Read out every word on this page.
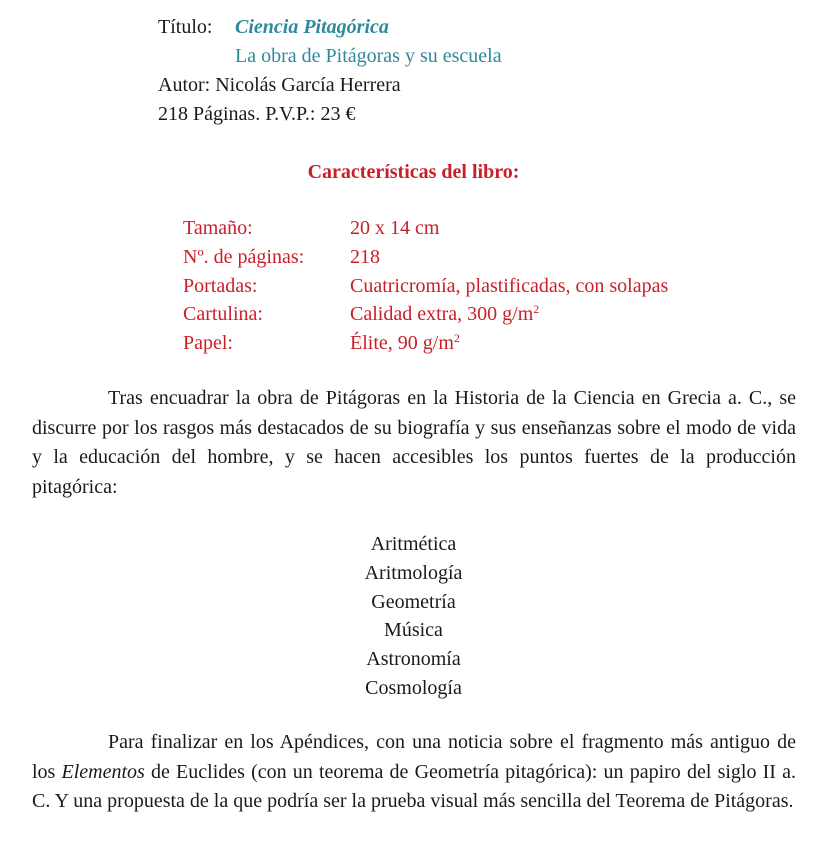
Título: Ciencia Pitagórica
La obra de Pitágoras y su escuela
Autor: Nicolás García Herrera
218 Páginas. P.V.P.: 23 €
Características del libro:
Tamaño:	20 x 14 cm
Nº. de páginas: 218
Portadas:	Cuatricromía, plastificadas, con solapas
Cartulina:	Calidad extra, 300 $g/m^2$
Papel:	Élite, 90 $g/m^2$
Tras encuadrar la obra de Pitágoras en la Historia de la Ciencia en Grecia a. C., se discurre por los rasgos más destacados de su biografía y sus enseñanzas sobre el modo de vida y la educación del hombre, y se hacen accesibles los puntos fuertes de la producción pitagórica:
Aritmética
Aritmología
Geometría
Música
Astronomía
Cosmología
Para finalizar en los Apéndices, con una noticia sobre el fragmento más antiguo de los Elementos de Euclides (con un teorema de Geometría pitagórica): un papiro del siglo II a. C. Y una propuesta de la que podría ser la prueba visual más sencilla del Teorema de Pitágoras.
